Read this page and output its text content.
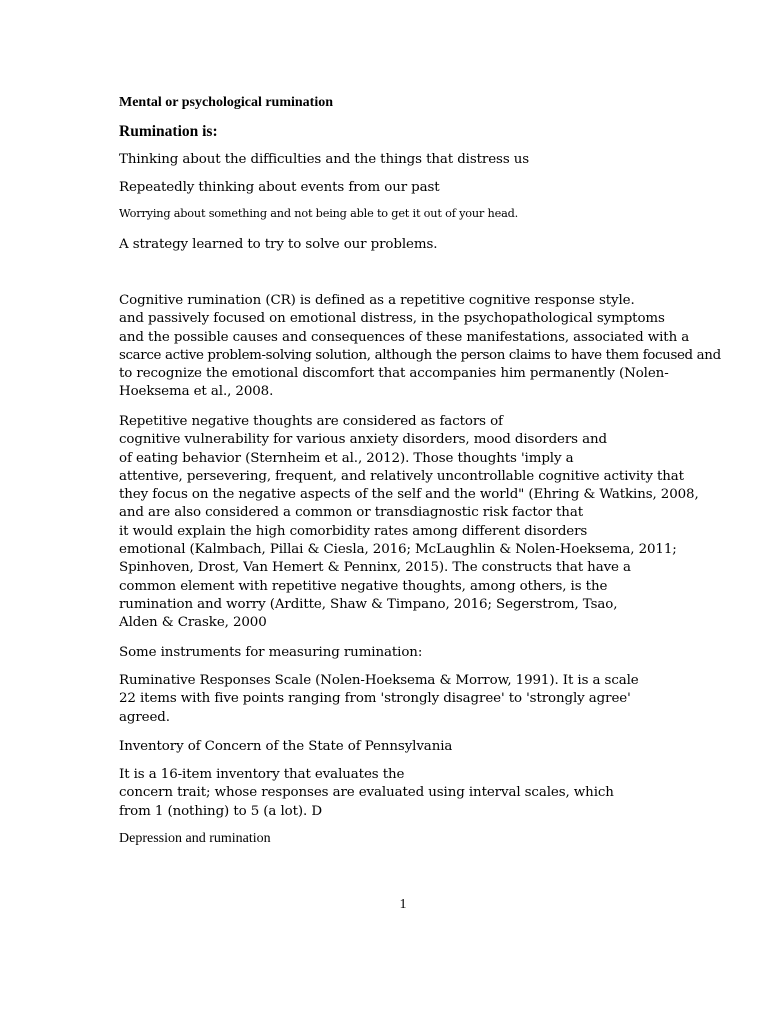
Mental or psychological rumination

Rumination is:

Thinking about the difficulties and the things that distress us

Repeatedly thinking about events from our past

Worrying about something and not being able to get it out of your head.

A strategy learned to try to solve our problems.

Cognitive rumination (CR) is defined as a repetitive cognitive response style.
and passively focused on emotional distress, in the psychopathological symptoms
and the possible causes and consequences of these manifestations, associated with a
scarce active problem-solving solution, although the person claims to have them focused and
to recognize the emotional discomfort that accompanies him permanently (Nolen-
Hoeksema et al., 2008.
Repetitive negative thoughts are considered as factors of
cognitive vulnerability for various anxiety disorders, mood disorders and
of eating behavior (Sternheim et al., 2012). Those thoughts 'imply a
attentive, persevering, frequent, and relatively uncontrollable cognitive activity that
they focus on the negative aspects of the self and the world" (Ehring & Watkins, 2008,
and are also considered a common or transdiagnostic risk factor that
it would explain the high comorbidity rates among different disorders
emotional (Kalmbach, Pillai & Ciesla, 2016; McLaughlin & Nolen-Hoeksema, 2011;
Spinhoven, Drost, Van Hemert & Penninx, 2015). The constructs that have a
common element with repetitive negative thoughts, among others, is the
rumination and worry (Arditte, Shaw & Timpano, 2016; Segerstrom, Tsao,
Alden & Craske, 2000

Some instruments for measuring rumination:

Ruminative Responses Scale (Nolen-Hoeksema & Morrow, 1991). It is a scale
22 items with five points ranging from 'strongly disagree' to 'strongly agree'
agreed.

Inventory of Concern of the State of Pennsylvania

It is a 16-item inventory that evaluates the
concern trait; whose responses are evaluated using interval scales, which
from 1 (nothing) to 5 (a lot). D

Depression and rumination

1
